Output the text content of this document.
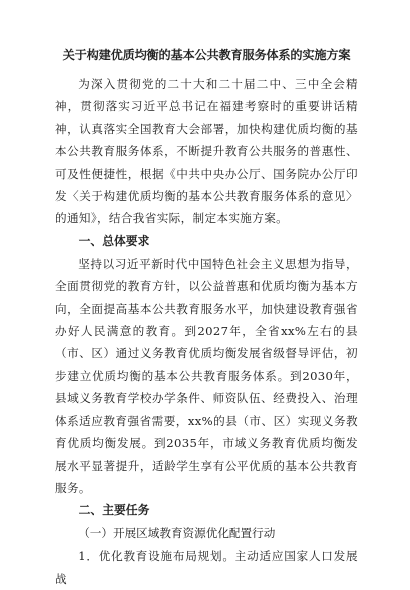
关于构建优质均衡的基本公共教育服务体系的实施方案

为深入贯彻党的二十大和二十届二中、三中全会精神，贯彻落实习近平总书记在福建考察时的重要讲话精神，认真落实全国教育大会部署，加快构建优质均衡的基本公共教育服务体系，不断提升教育公共服务的普惠性、可及性便捷性，根据《中共中央办公厅、国务院办公厅印发〈关于构建优质均衡的基本公共教育服务体系的意见〉的通知》，结合我省实际，制定本实施方案。

一、总体要求

坚持以习近平新时代中国特色社会主义思想为指导，全面贯彻党的教育方针，以公益普惠和优质均衡为基本方向，全面提高基本公共教育服务水平，加快建设教育强省办好人民满意的教育。到2027年，全省xx%左右的县（市、区）通过义务教育优质均衡发展省级督导评估，初步建立优质均衡的基本公共教育服务体系。到2030年，县域义务教育学校办学条件、师资队伍、经费投入、治理体系适应教育强省需要，xx%的县（市、区）实现义务教育优质均衡发展。到2035年，市域义务教育优质均衡发展水平显著提升，适龄学生享有公平优质的基本公共教育服务。

二、主要任务
（一）开展区域教育资源优化配置行动

1．优化教育设施布局规划。主动适应国家人口发展战
